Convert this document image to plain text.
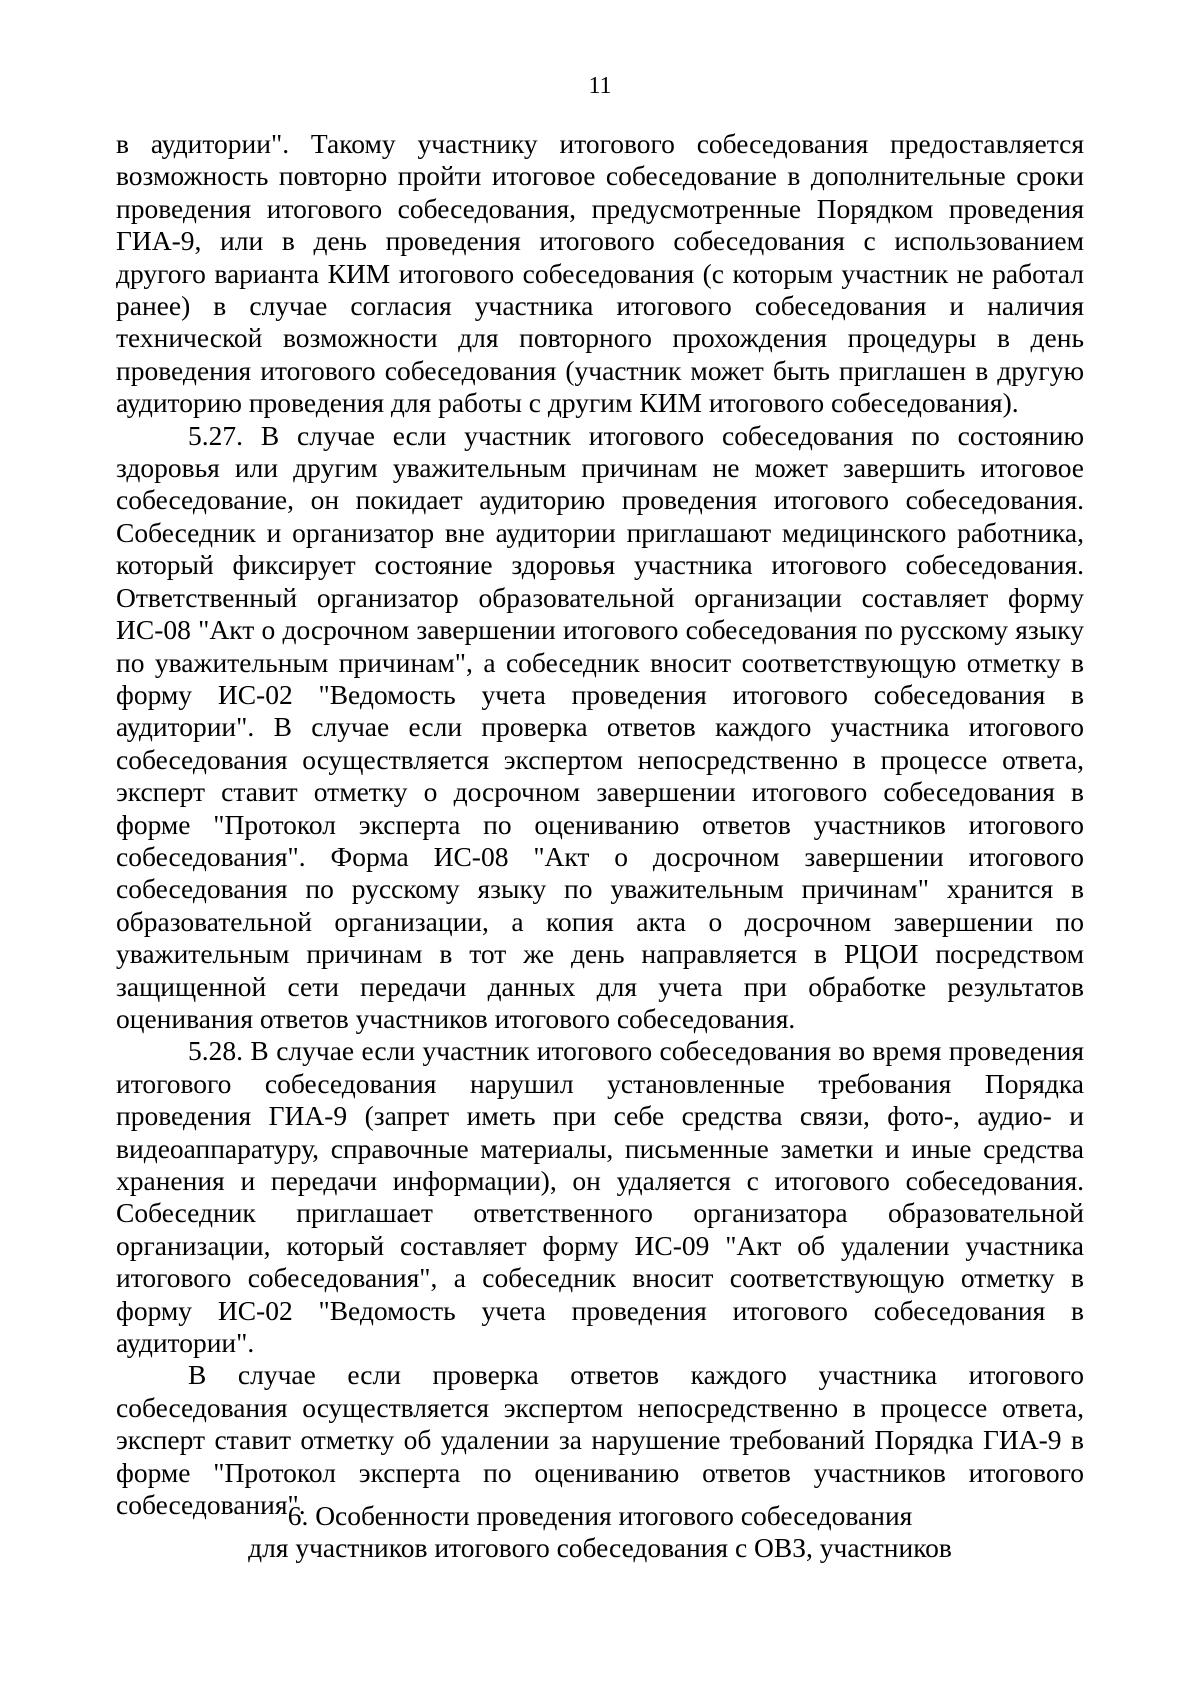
11

в аудитории". Такому участнику итогового собеседования предоставляется возможность повторно пройти итоговое собеседование в дополнительные сроки проведения итогового собеседования, предусмотренные Порядком проведения ГИА-9, или в день проведения итогового собеседования с использованием другого варианта КИМ итогового собеседования (с которым участник не работал ранее) в случае согласия участника итогового собеседования и наличия технической возможности для повторного прохождения процедуры в день проведения итогового собеседования (участник может быть приглашен в другую аудиторию проведения для работы с другим КИМ итогового собеседования).

5.27. В случае если участник итогового собеседования по состоянию здоровья или другим уважительным причинам не может завершить итоговое собеседование, он покидает аудиторию проведения итогового собеседования. Собеседник и организатор вне аудитории приглашают медицинского работника, который фиксирует состояние здоровья участника итогового собеседования. Ответственный организатор образовательной организации составляет форму ИС-08 "Акт о досрочном завершении итогового собеседования по русскому языку по уважительным причинам", а собеседник вносит соответствующую отметку в форму ИС-02 "Ведомость учета проведения итогового собеседования в аудитории". В случае если проверка ответов каждого участника итогового собеседования осуществляется экспертом непосредственно в процессе ответа, эксперт ставит отметку о досрочном завершении итогового собеседования в форме "Протокол эксперта по оцениванию ответов участников итогового собеседования". Форма ИС-08 "Акт о досрочном завершении итогового собеседования по русскому языку по уважительным причинам" хранится в образовательной организации, а копия акта о досрочном завершении по уважительным причинам в тот же день направляется в РЦОИ посредством защищенной сети передачи данных для учета при обработке результатов оценивания ответов участников итогового собеседования.

5.28. В случае если участник итогового собеседования во время проведения итогового собеседования нарушил установленные требования Порядка проведения ГИА-9 (запрет иметь при себе средства связи, фото-, аудио- и видеоаппаратуру, справочные материалы, письменные заметки и иные средства хранения и передачи информации), он удаляется с итогового собеседования. Собеседник приглашает ответственного организатора образовательной организации, который составляет форму ИС-09 "Акт об удалении участника итогового собеседования", а собеседник вносит соответствующую отметку в форму ИС-02 "Ведомость учета проведения итогового собеседования в аудитории".

В случае если проверка ответов каждого участника итогового собеседования осуществляется экспертом непосредственно в процессе ответа, эксперт ставит отметку об удалении за нарушение требований Порядка ГИА-9 в форме "Протокол эксперта по оцениванию ответов участников итогового собеседования".

6. Особенности проведения итогового собеседования
для участников итогового собеседования с ОВЗ, участников
